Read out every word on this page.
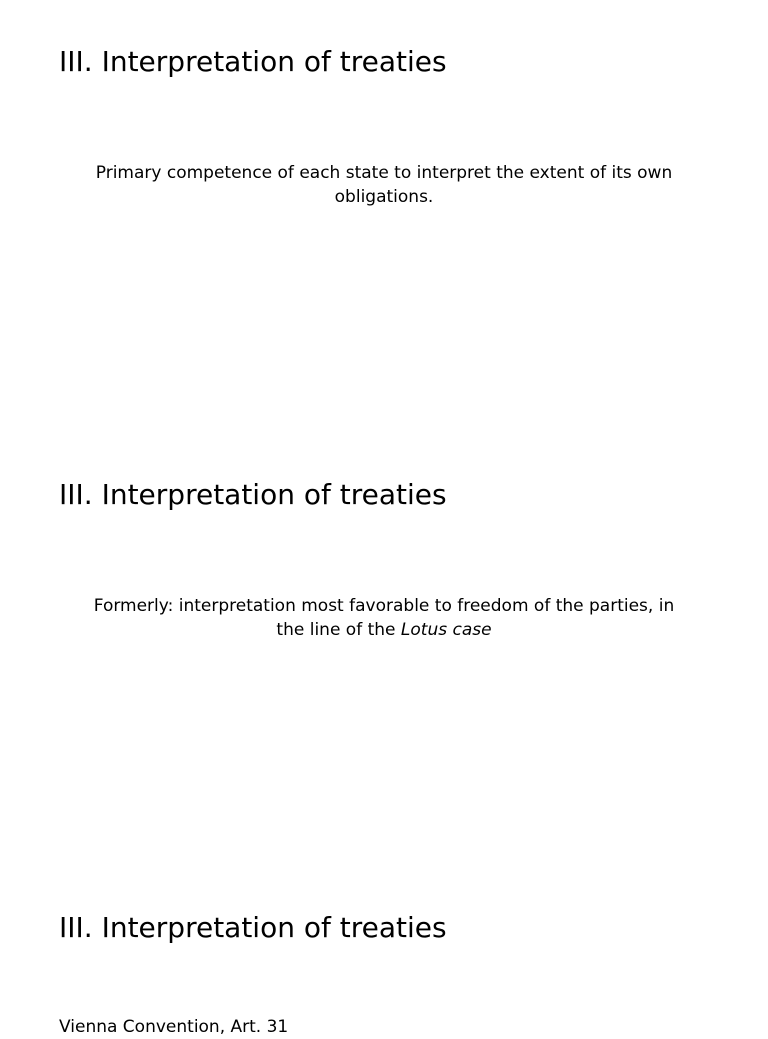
III. Interpretation of treaties

Primary competence of each state to interpret the extent of its own
obligations.

III. Interpretation of treaties

Formerly: interpretation most favorable to freedom of the parties, in
the line of the Lotus case

III. Interpretation of treaties

Vienna Convention, Art. 31
